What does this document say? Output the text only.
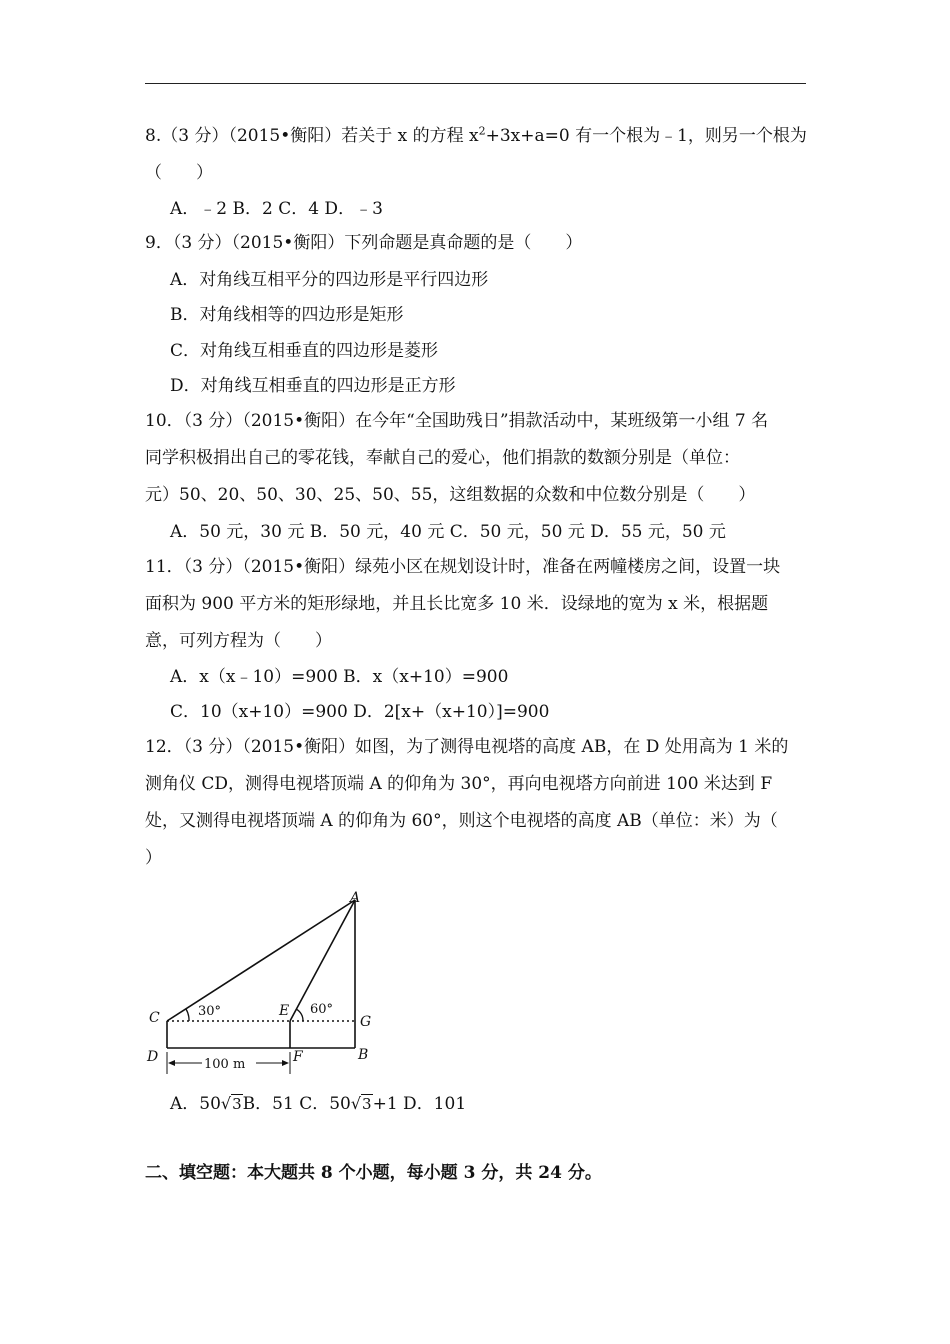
8.（3 分）（2015•衡阳）若关于 x 的方程 $x^2+3x+a=0$ 有一个根为﹣1，则另一个根为
（　　）
A．﹣2 B．2 C．4 D．﹣3
9．（3 分）（2015•衡阳）下列命题是真命题的是（　　）
A．对角线互相平分的四边形是平行四边形
B．对角线相等的四边形是矩形
C．对角线互相垂直的四边形是菱形
D．对角线互相垂直的四边形是正方形
10．（3 分）（2015•衡阳）在今年“全国助残日”捐款活动中，某班级第一小组 7 名
同学积极捐出自己的零花钱，奉献自己的爱心，他们捐款的数额分别是（单位：
元）50、20、50、30、25、50、55，这组数据的众数和中位数分别是（　　）
A．50 元，30 元 B．50 元，40 元 C．50 元，50 元 D．55 元，50 元
11．（3 分）（2015•衡阳）绿苑小区在规划设计时，准备在两幢楼房之间，设置一块
面积为 900 平方米的矩形绿地，并且长比宽多 10 米．设绿地的宽为 x 米，根据题
意，可列方程为（　　）
A．x（x﹣10）=900 B．x（x+10）=900
C．10（x+10）=900 D．2[x+（x+10）]=900
12．（3 分）（2015•衡阳）如图，为了测得电视塔的高度 AB，在 D 处用高为 1 米的
测角仪 CD，测得电视塔顶端 A 的仰角为 30°，再向电视塔方向前进 100 米达到 F
处，又测得电视塔顶端 A 的仰角为 60°，则这个电视塔的高度 AB（单位：米）为（
）
A
B
C
D
E
F
G
30°	60°
100 m
A．50√3B．51 C．50√3+1 D．101
二、填空题：本大题共 8 个小题，每小题 3 分，共 24 分。
